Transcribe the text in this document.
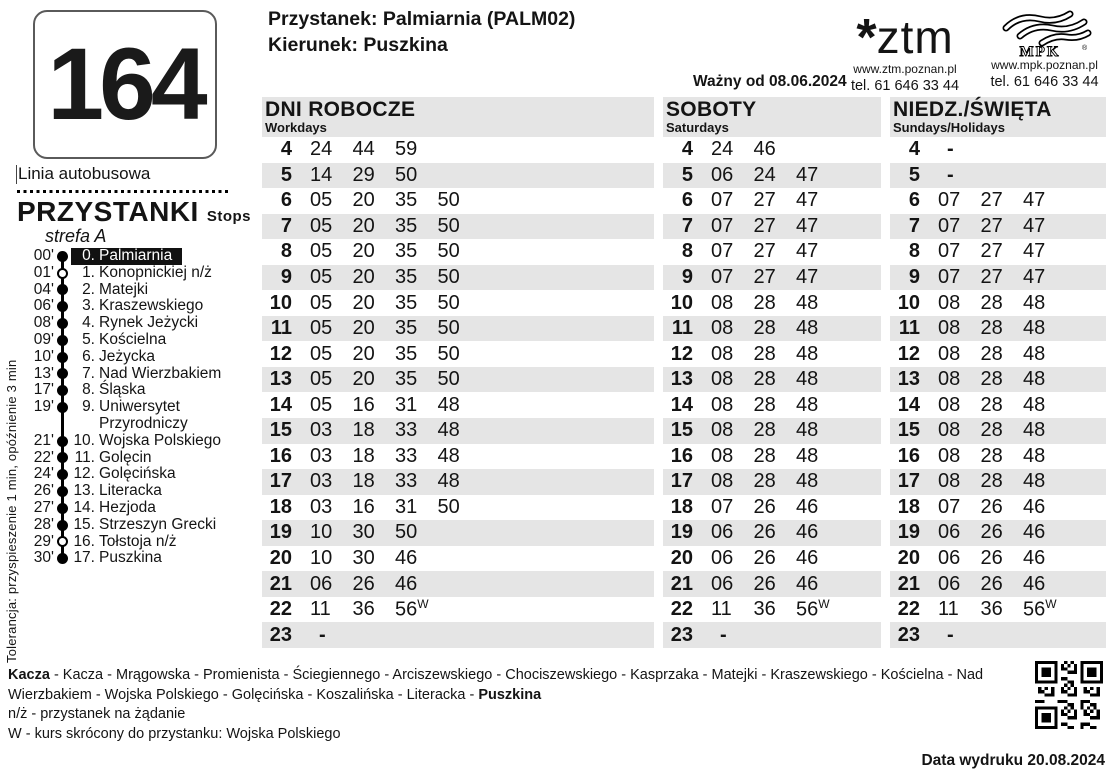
164
Linia autobusowa
PRZYSTANKI Stops
strefa A
00'	0. Palmiarnia
01'	1. Konopnickiej n/ż
04'	2. Matejki
06'	3. Kraszewskiego
08'	4. Rynek Jeżycki
09'	5. Kościelna
10'	6. Jeżycka
13'	7. Nad Wierzbakiem
17'	8. Śląska
19'	9. Uniwersytet
Przyrodniczy
21' 10. Wojska Polskiego
22' 11. Golęcin
24' 12. Golęcińska
26' 13. Literacka
27' 14. Hezjoda
28' 15. Strzeszyn Grecki
29' 16. Tołstoja n/ż
30' 17. Puszkina
Tolerancja: przyspieszenie 1 min, opóźnienie 3 min
Przystanek: Palmiarnia (PALM02)
Kierunek: Puszkina
Ważny od 08.06.2024
*ztm
www.ztm.poznan.pl
tel. 61 646 33 44
MPK	®
www.mpk.poznan.pl
tel. 61 646 33 44
DNI ROBOCZE
Workdays
4 24	44	59
5 14	29	50
6 05	20	35	50
7 05	20	35	50
8 05	20	35	50
9 05	20	35	50
10 05	20	35	50
11 05	20	35	50
12 05	20	35	50
13 05	20	35	50
14 05	16	31	48
15 03	18	33	48
16 03	18	33	48
17 03	18	33	48
18 03	16	31	50
19 10	30	50
20 10	30	46
21 06	26	46
22 11	36	$56^W$
23	-
SOBOTY
Saturdays
4 24	46
5 06	24	47
6 07	27	47
7 07	27	47
8 07	27	47
9 07	27	47
10 08	28	48
11 08	28	48
12 08	28	48
13 08	28	48
14 08	28	48
15 08	28	48
16 08	28	48
17 08	28	48
18 07	26	46
19 06	26	46
20 06	26	46
21 06	26	46
22 11	36	$56^W$
23	-
NIEDZ./ŚWIĘTA
Sundays/Holidays
4	-
5	-
6 07	27	47
7 07	27	47
8 07	27	47
9 07	27	47
10 08	28	48
11 08	28	48
12 08	28	48
13 08	28	48
14 08	28	48
15 08	28	48
16 08	28	48
17 08	28	48
18 07	26	46
19 06	26	46
20 06	26	46
21 06	26	46
22 11	36	$56^W$
23	-

Kacza - Kacza - Mrągowska - Promienista - Ściegiennego - Arciszewskiego - Chociszewskiego - Kasprzaka - Matejki - Kraszewskiego - Kościelna - Nad Wierzbakiem - Wojska Polskiego - Golęcińska - Koszalińska - Literacka - Puszkina

n/ż - przystanek na żądanie

W - kurs skrócony do przystanku: Wojska Polskiego

Data wydruku 20.08.2024
